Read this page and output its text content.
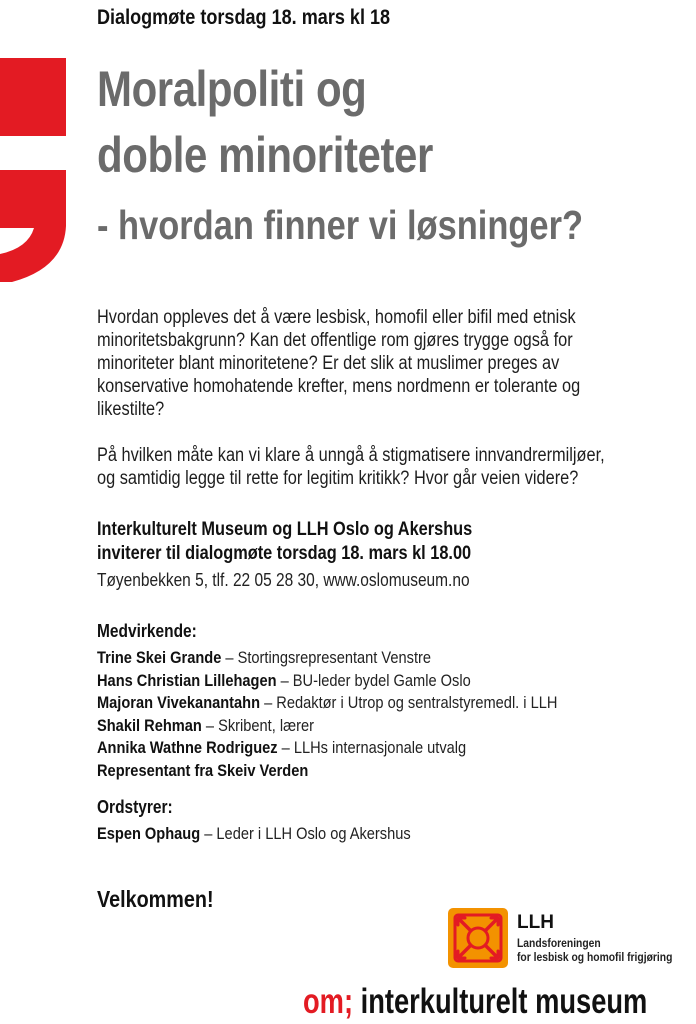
Dialogmøte torsdag 18. mars kl 18
Moralpoliti og
doble minoriteter
- hvordan finner vi løsninger?
Hvordan oppleves det å være lesbisk, homofil eller bifil med etnisk
minoritetsbakgrunn? Kan det offentlige rom gjøres trygge også for
minoriteter blant minoritetene? Er det slik at muslimer preges av
konservative homohatende krefter, mens nordmenn er tolerante og
likestilte?
På hvilken måte kan vi klare å unngå å stigmatisere innvandrermiljøer,
og samtidig legge til rette for legitim kritikk? Hvor går veien videre?
Interkulturelt Museum og LLH Oslo og Akershus
inviterer til dialogmøte torsdag 18. mars kl 18.00
Tøyenbekken 5, tlf. 22 05 28 30, www.oslomuseum.no
Medvirkende:
Trine Skei Grande – Stortingsrepresentant Venstre
Hans Christian Lillehagen – BU-leder bydel Gamle Oslo
Majoran Vivekanantahn – Redaktør i Utrop og sentralstyremedl. i LLH
Shakil Rehman – Skribent, lærer
Annika Wathne Rodriguez – LLHs internasjonale utvalg
Representant fra Skeiv Verden
Ordstyrer:
Espen Ophaug – Leder i LLH Oslo og Akershus
Velkommen!
LLH
Landsforeningen
for lesbisk og homofil frigjøring
om; interkulturelt museum
